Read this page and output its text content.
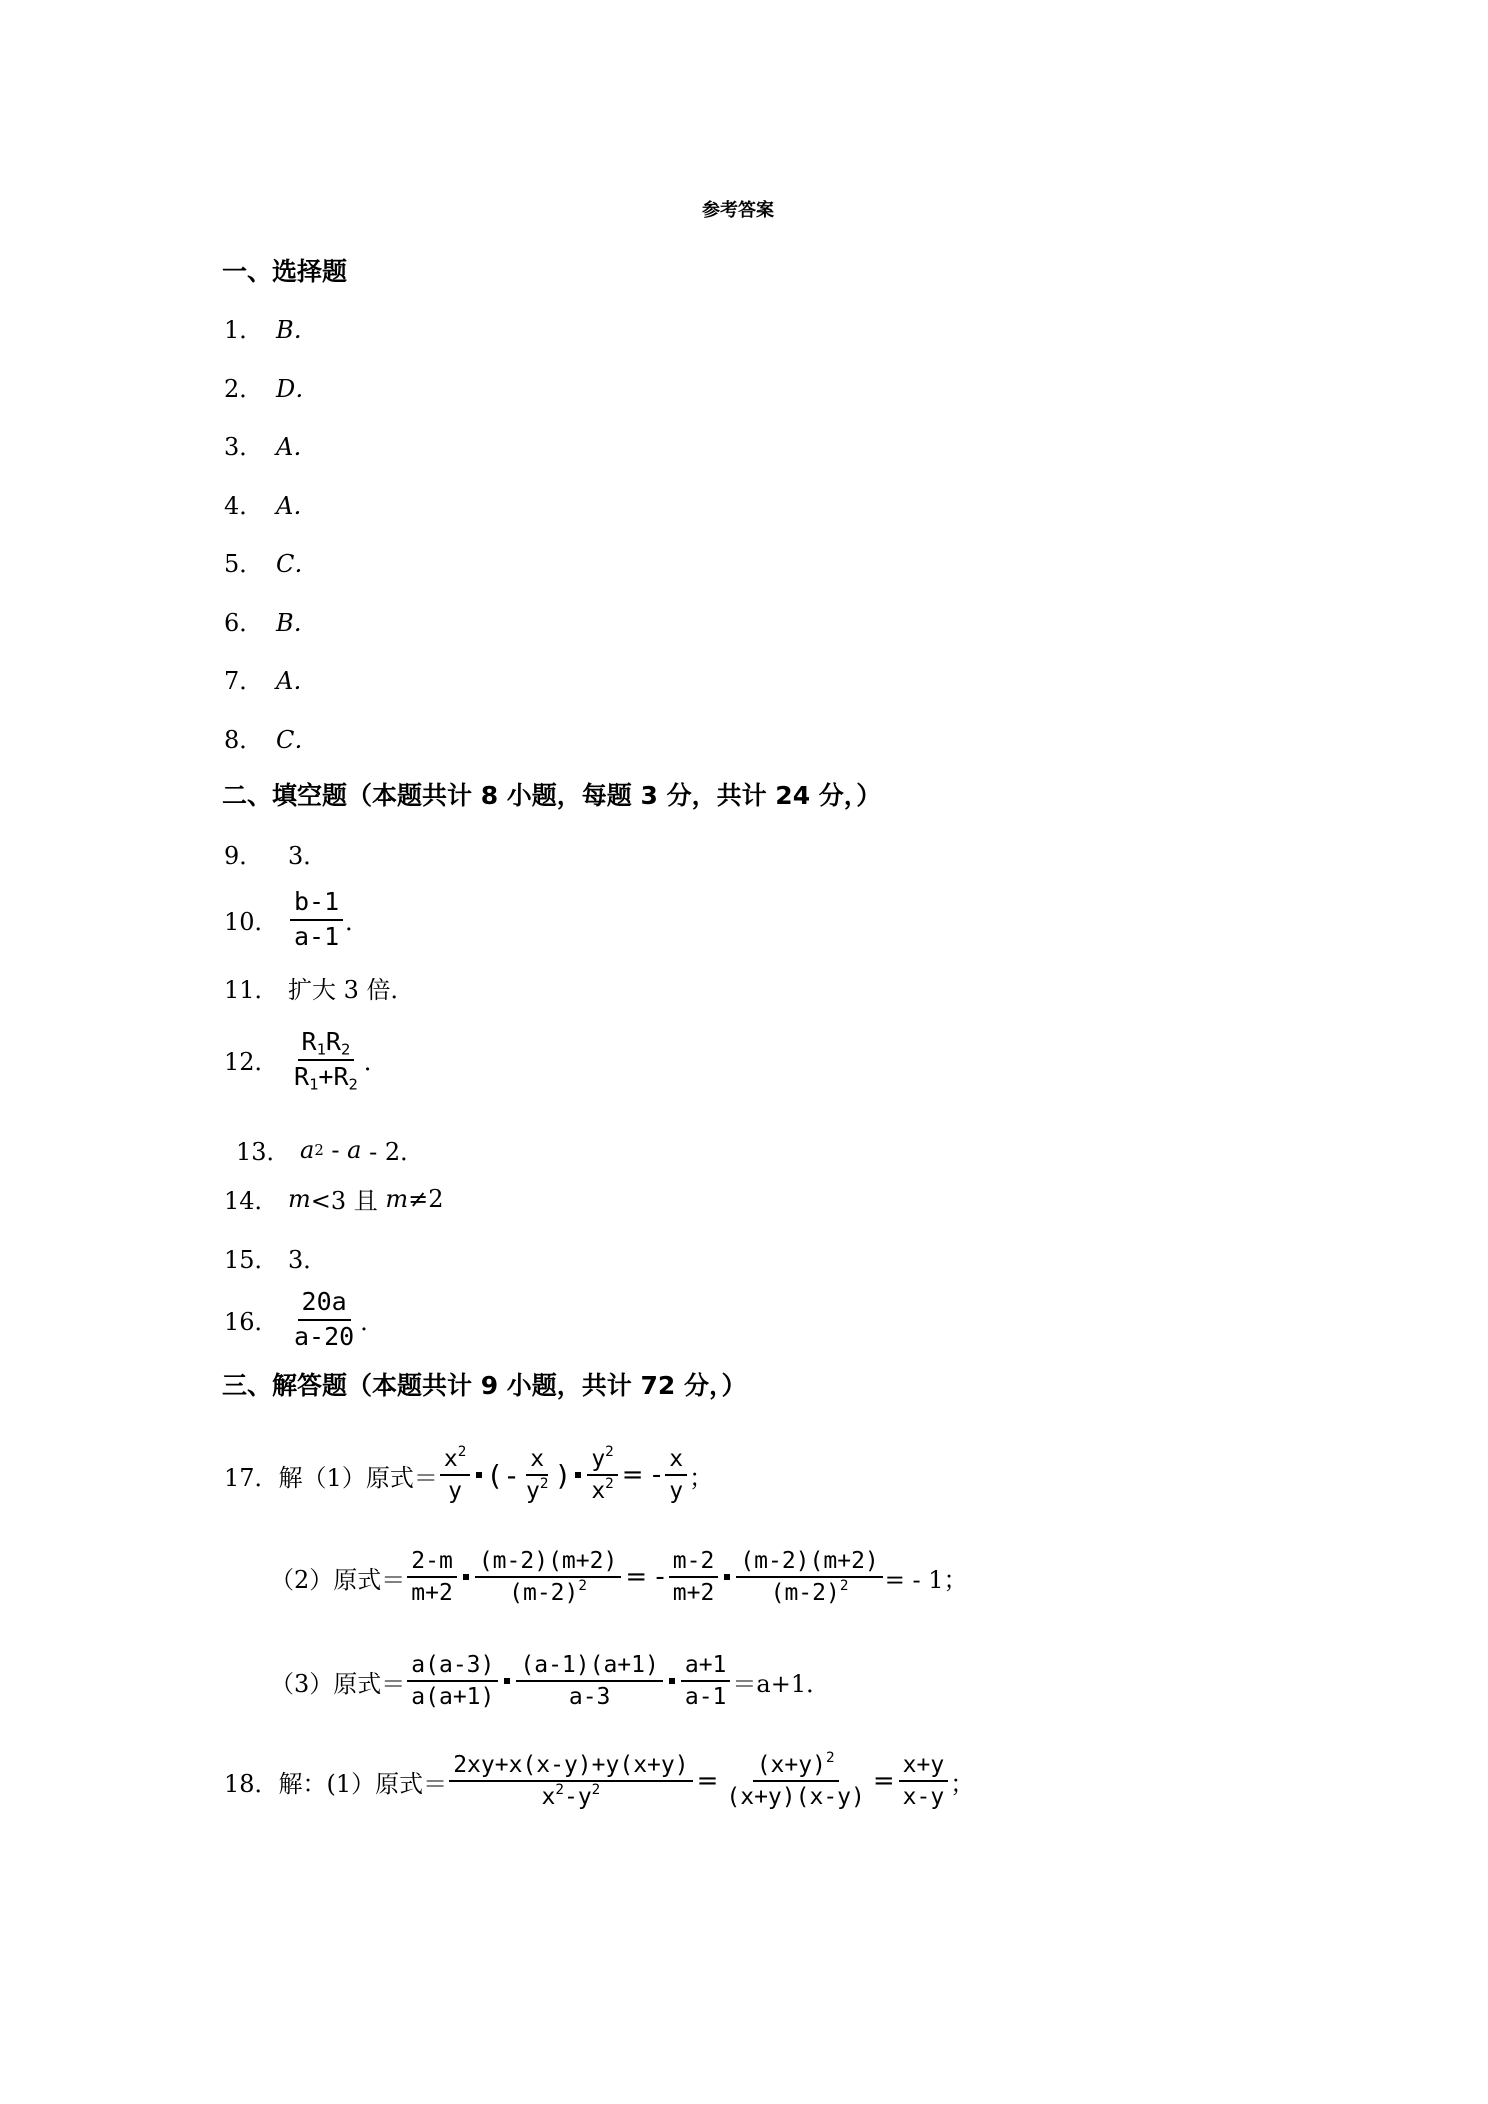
参考答案
一、选择题
1． B．
2． D．
3． A．
4． A．
5． C．
6． B．
7． A．
8． C．
二、填空题（本题共计 8 小题，每题 3 分，共计 24 分，）
9．	3．
10． $\frac{b-1}{a-1}$ ．
11． 扩大 3 倍．
12． $\frac{R_1R_2}{R_1+R_2}$ ．
13． a 2 - a - 2．
14． m <3 且 m ≠2
15． 3．
16． $\frac{20a}{a-20}$ ．
三、解答题（本题共计 9 小题，共计 72 分，）
17． 解（1）原式＝ $\frac{x^2}{y}$ (- $\frac{x}{y^2}$ ) $\frac{y^2}{x^2}$ = - $\frac{x}{y}$ ；
（2）原式＝ $\frac{2-m}{m+2} \frac{(m-2)(m+2)}{(m-2)^2}$ = - $\frac{m-2}{m+2} \frac{(m-2)(m+2)}{(m-2)^2}$ = - 1；
（3）原式＝ $\frac{a(a-3)}{a(a+1)} \frac{(a-1)(a+1)}{a-3} \frac{a+1}{a-1} =a+1$．
18． 解：(1）原式＝ $\frac{2xy+x(x-y)+y(x+y)}{x^2-y^2} = \frac{(x+y)^2}{(x+y)(x-y)} = \frac{x+y}{x-y}$ ；
